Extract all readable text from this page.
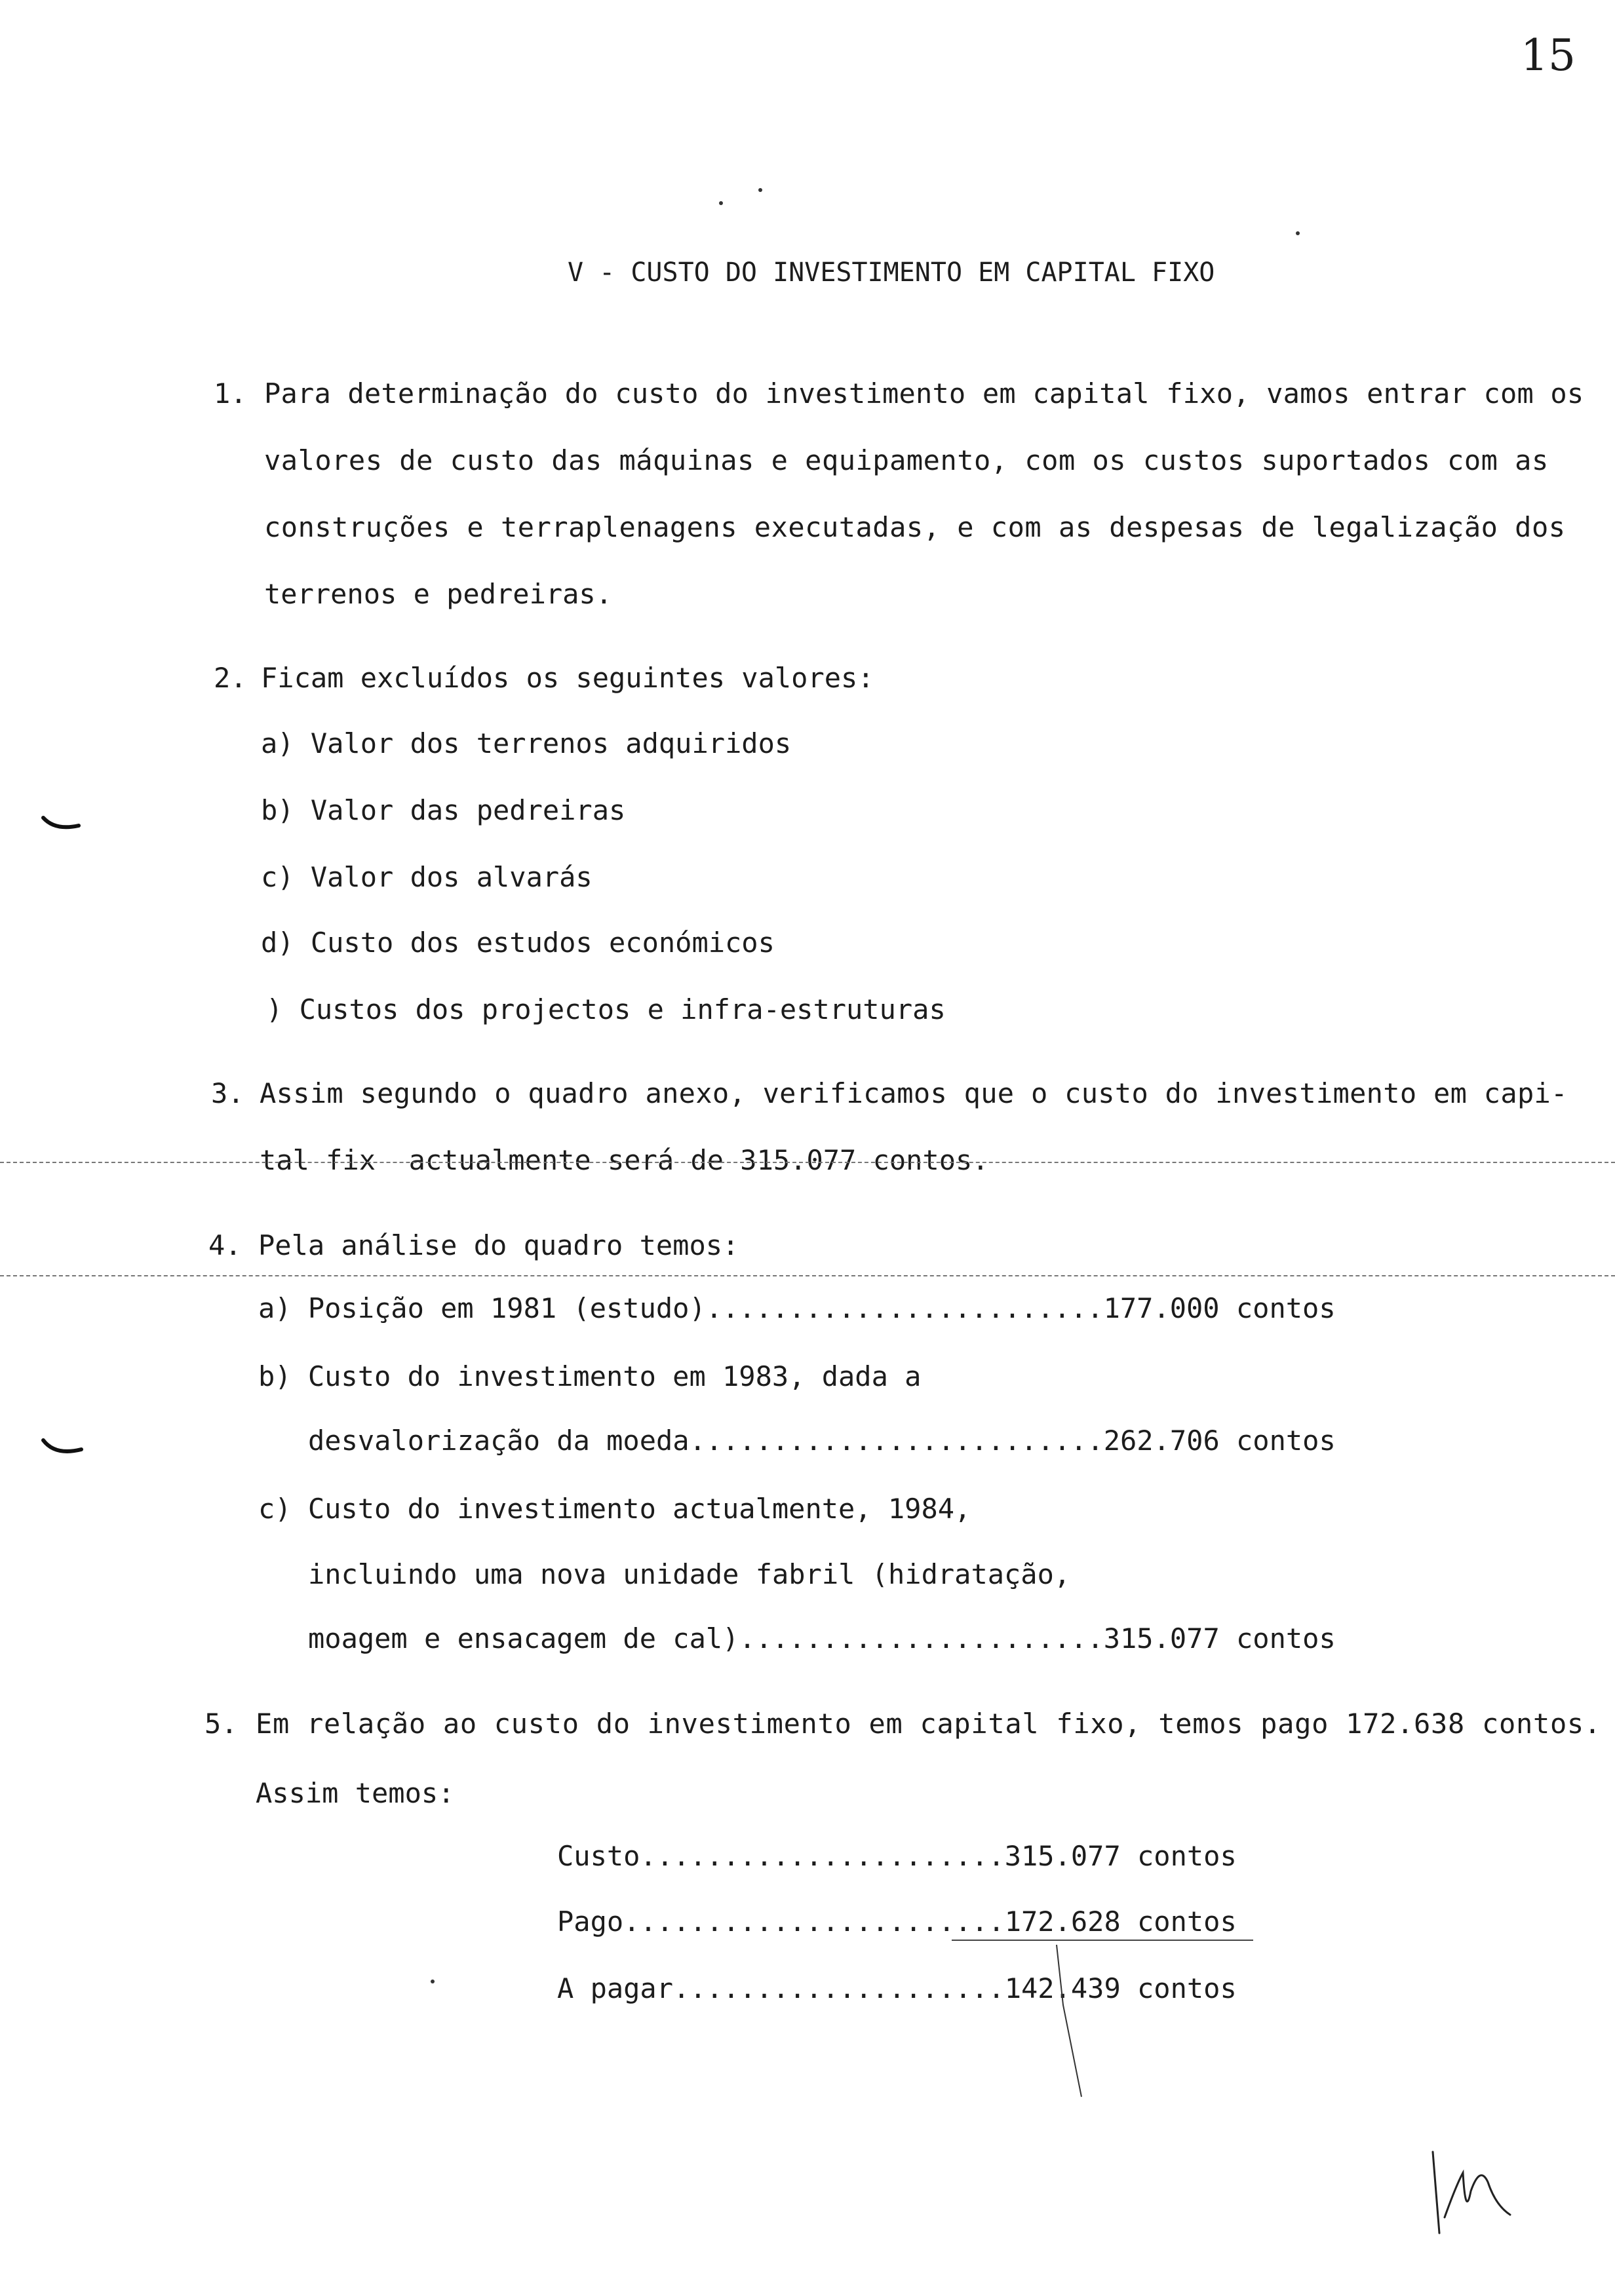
15
V - CUSTO DO INVESTIMENTO EM CAPITAL FIXO
1. Para determinação do custo do investimento em capital fixo, vamos entrar com os
valores de custo das máquinas e equipamento, com os custos suportados com as
construções e terraplenagens executadas, e com as despesas de legalização dos
terrenos e pedreiras.
2. Ficam excluídos os seguintes valores:
a) Valor dos terrenos adquiridos
b) Valor das pedreiras
c) Valor dos alvarás
d) Custo dos estudos económicos
) Custos dos projectos e infra-estruturas
3. Assim segundo o quadro anexo, verificamos que o custo do investimento em capi-
tal fix  actualmente será de 315.077 contos.
4. Pela análise do quadro temos:
a) Posição em 1981 (estudo)........................177.000 contos
b) Custo do investimento em 1983, dada a
desvalorização da moeda.........................262.706 contos
c) Custo do investimento actualmente, 1984,
incluindo uma nova unidade fabril (hidratação,
moagem e ensacagem de cal)......................315.077 contos
5. Em relação ao custo do investimento em capital fixo, temos pago 172.638 contos.
Assim temos:
Custo......................315.077 contos
Pago.......................172.628 contos
A pagar....................142.439 contos
